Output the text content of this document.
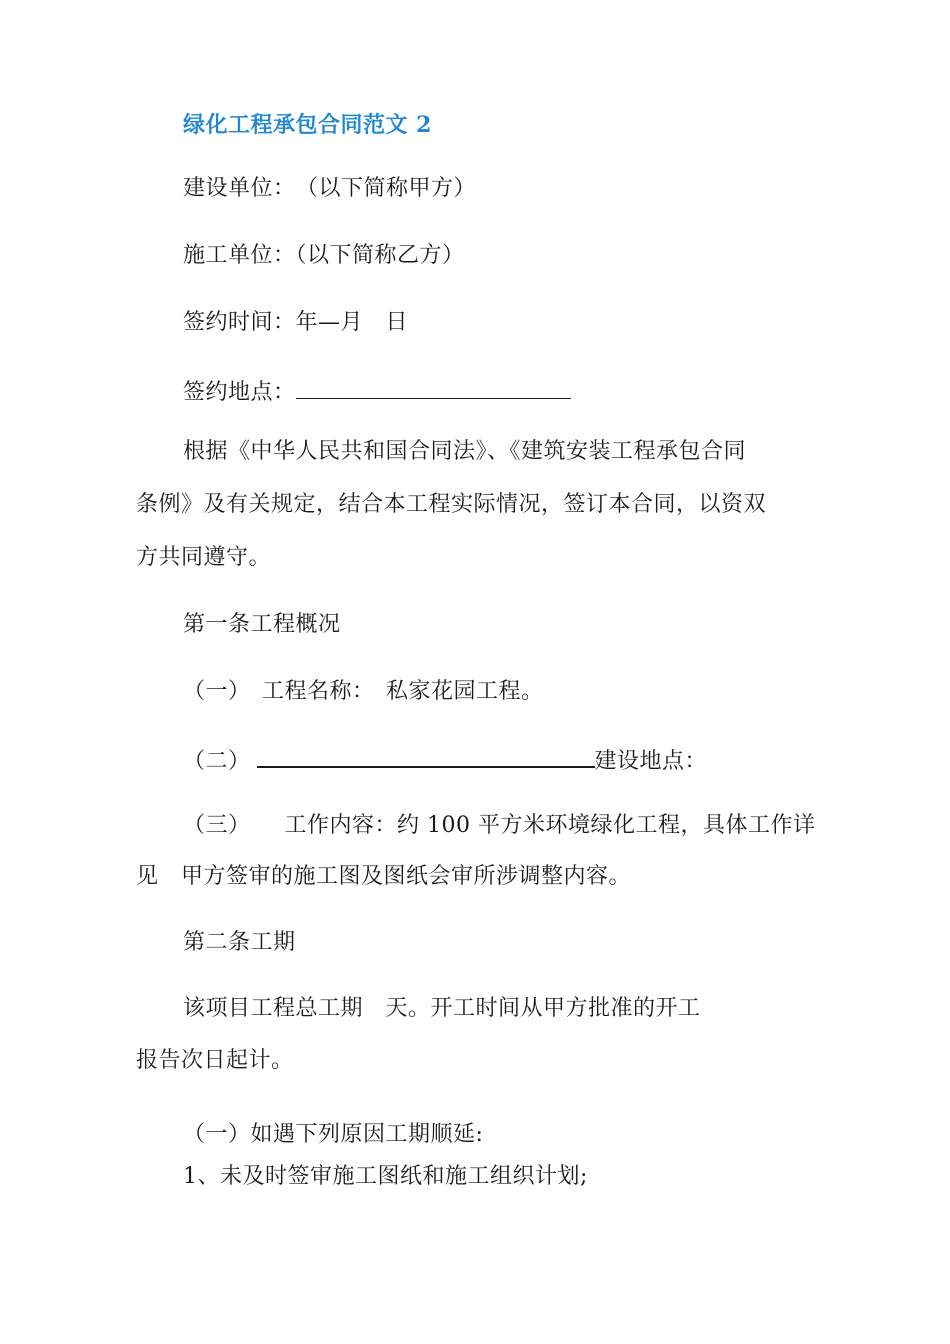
绿化工程承包合同范文 2
建设单位：　（以下简称甲方）
施工单位：（以下简称乙方）
签约时间：年—月　日
签约地点：
根据《中华人民共和国合同法》、《建筑安装工程承包合同
条例》及有关规定，结合本工程实际情况，签订本合同，以资双
方共同遵守。
第一条工程概况
（一）　工程名称：　私家花园工程。
（二）	建设地点：
（三）　　工作内容：约 100 平方米环境绿化工程，具体工作详
见　甲方签审的施工图及图纸会审所涉调整内容。
第二条工期
该项目工程总工期　天。开工时间从甲方批准的开工
报告次日起计。
（一）如遇下列原因工期顺延:
1、未及时签审施工图纸和施工组织计划;
